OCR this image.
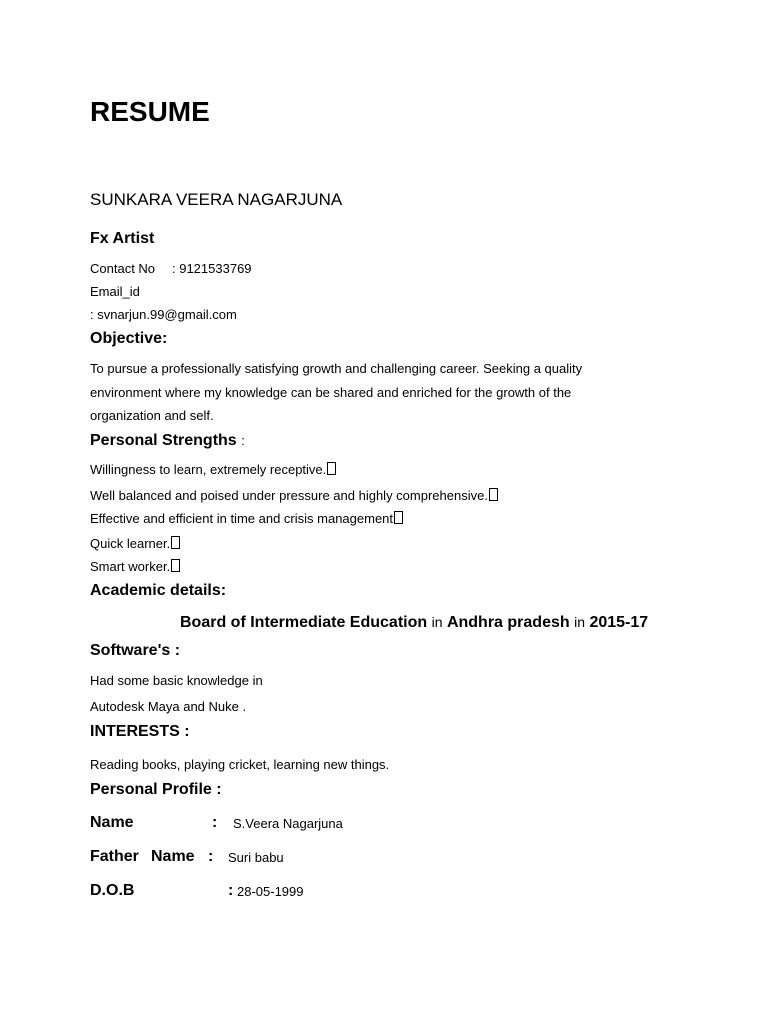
RESUME
SUNKARA VEERA NAGARJUNA
Fx Artist
Contact No : 9121533769
Email_id
: svnarjun.99@gmail.com
Objective:
To pursue a professionally satisfying growth and challenging career. Seeking a quality
environment where my knowledge can be shared and enriched for the growth of the
organization and self.
Personal Strengths :
Willingness to learn, extremely receptive.
Well balanced and poised under pressure and highly comprehensive.
Effective and efficient in time and crisis management
Quick learner.
Smart worker.
Academic details:
Board of Intermediate Education in Andhra pradesh in 2015-17
Software's :
Had some basic knowledge in
Autodesk Maya and Nuke .
INTERESTS :
Reading books, playing cricket, learning new things.
Personal Profile :
Name	: S.Veera Nagarjuna
Father Name : Suri babu
D.O.B	: 28-05-1999
